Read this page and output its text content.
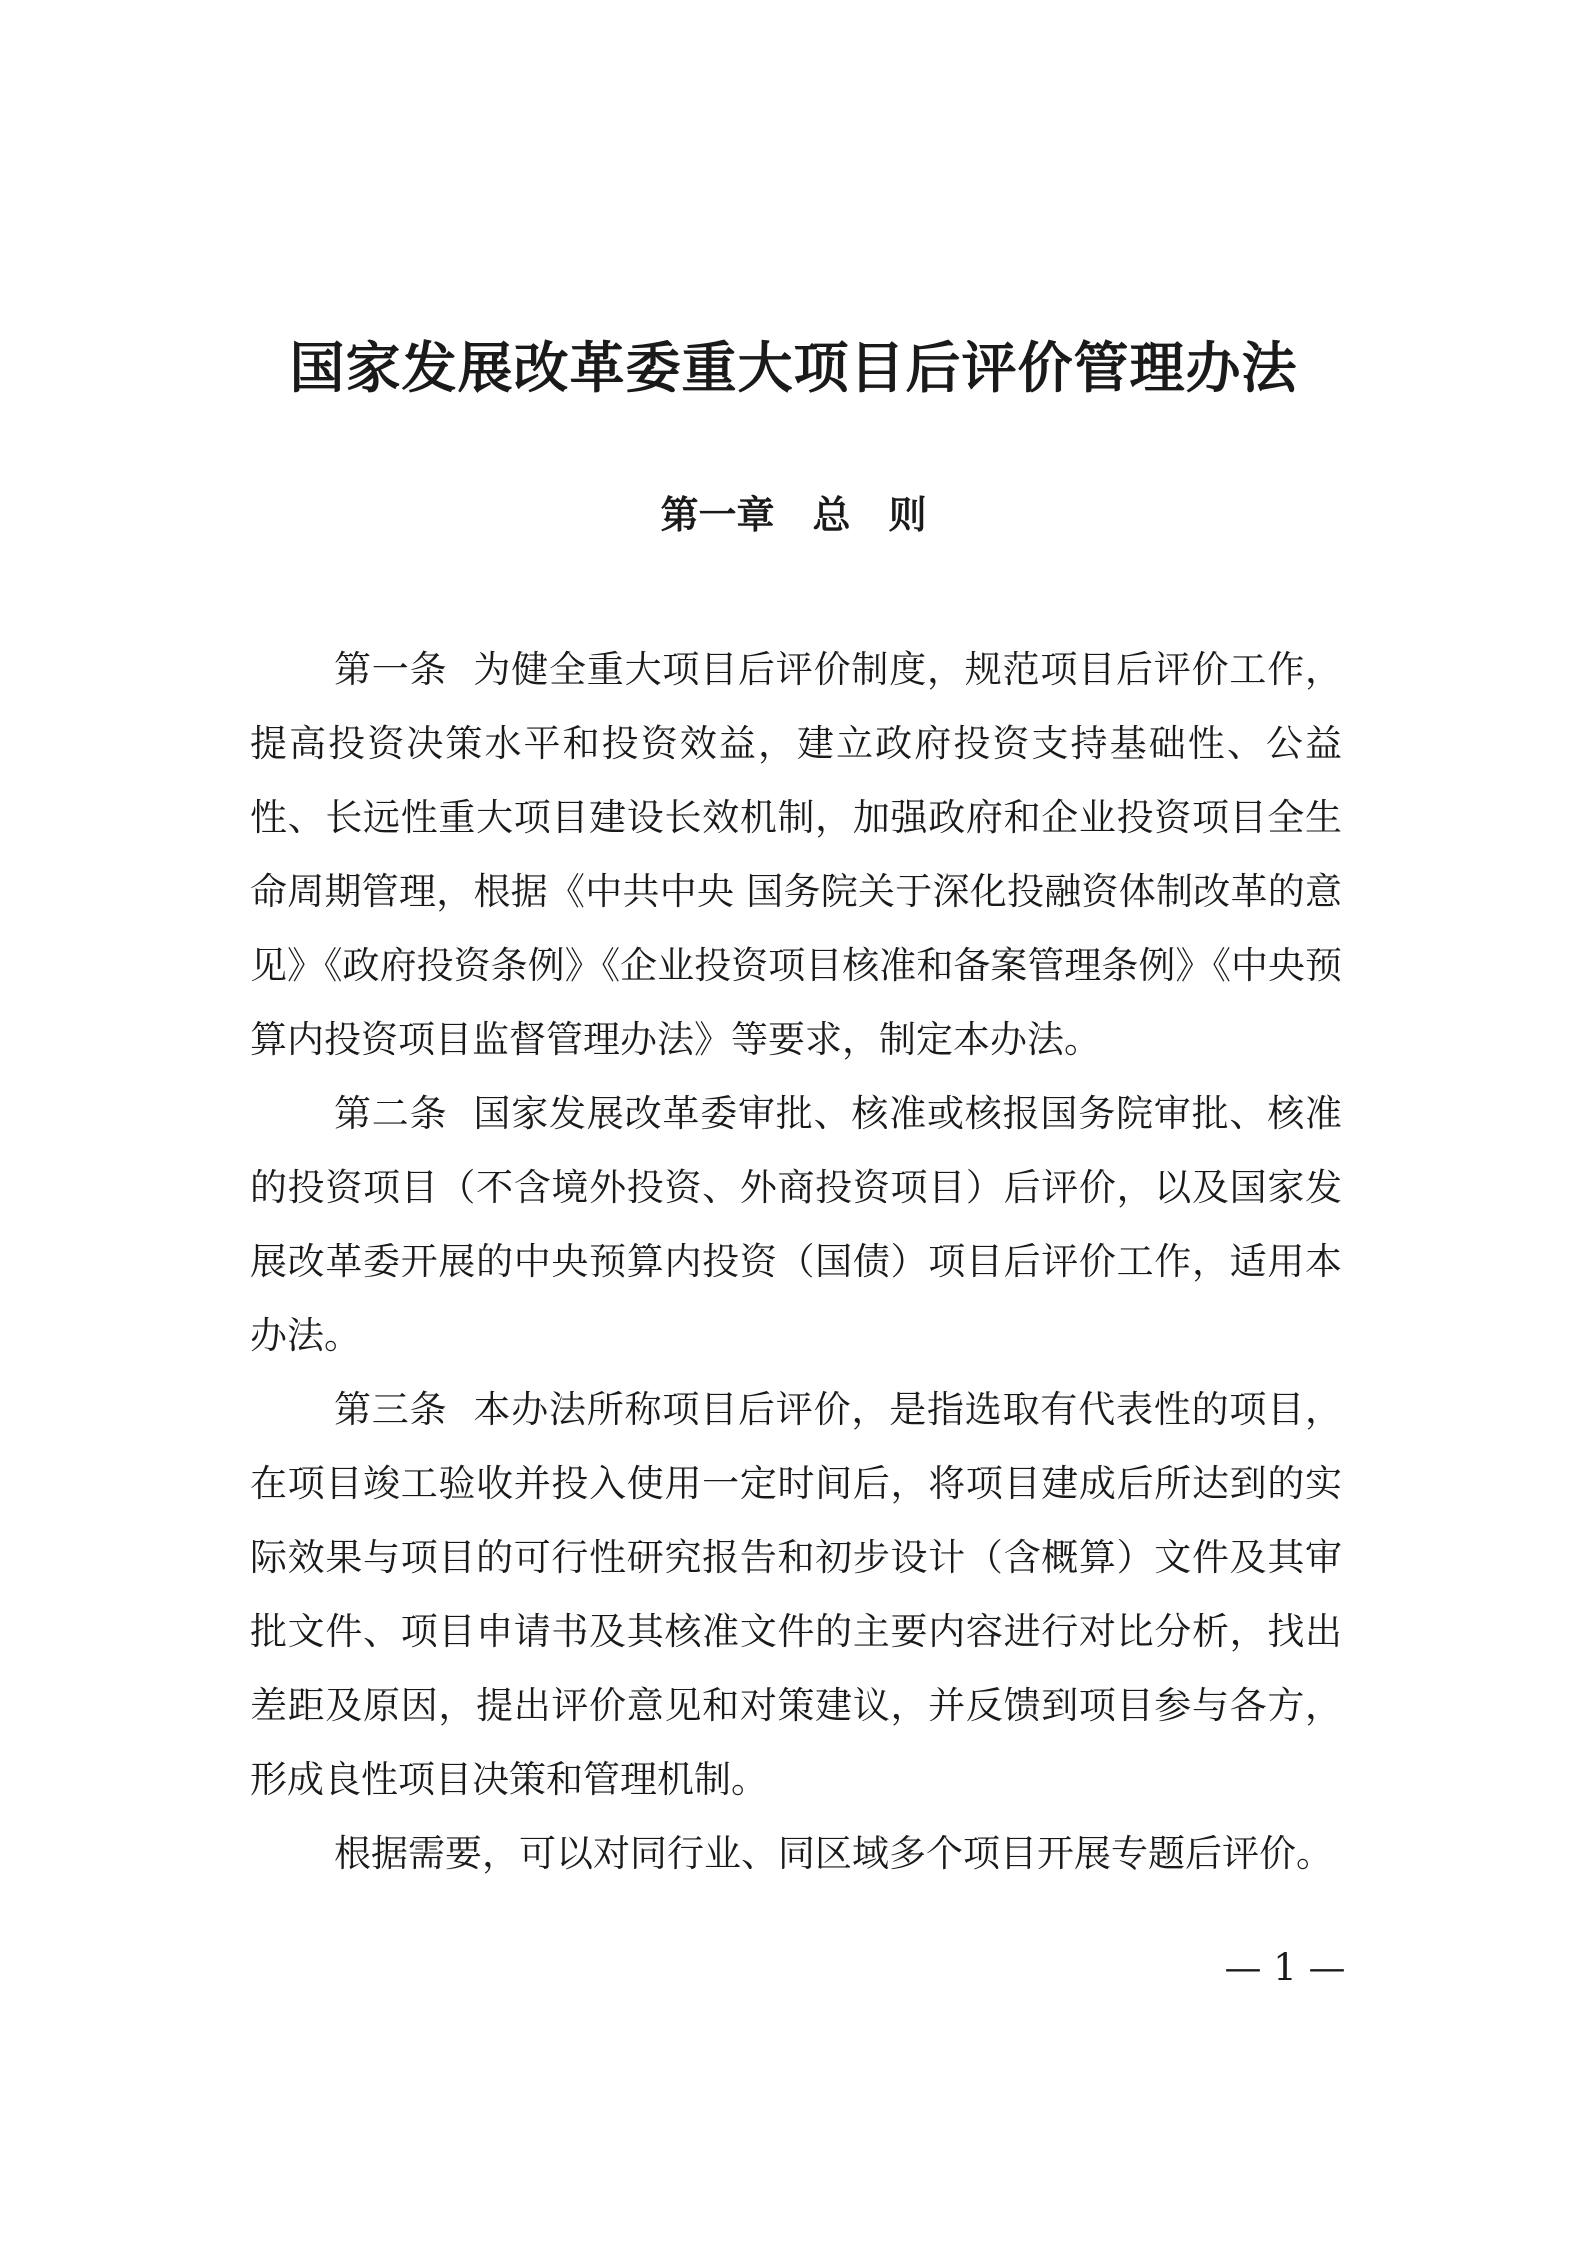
国家发展改革委重大项目后评价管理办法
第一章　总　则

第一条 为健全重大项目后评价制度，规范项目后评价工作，提高投资决策水平和投资效益，建立政府投资支持基础性、公益性、长远性重大项目建设长效机制，加强政府和企业投资项目全生命周期管理，根据《中共中央 国务院关于深化投融资体制改革的意见》《政府投资条例》《企业投资项目核准和备案管理条例》《中央预算内投资项目监督管理办法》等要求，制定本办法。

第二条 国家发展改革委审批、核准或核报国务院审批、核准的投资项目（不含境外投资、外商投资项目）后评价，以及国家发展改革委开展的中央预算内投资（国债）项目后评价工作，适用本办法。

第三条 本办法所称项目后评价，是指选取有代表性的项目，在项目竣工验收并投入使用一定时间后，将项目建成后所达到的实际效果与项目的可行性研究报告和初步设计（含概算）文件及其审批文件、项目申请书及其核准文件的主要内容进行对比分析，找出差距及原因，提出评价意见和对策建议，并反馈到项目参与各方，形成良性项目决策和管理机制。

根据需要，可以对同行业、同区域多个项目开展专题后评价。

— 1 —
